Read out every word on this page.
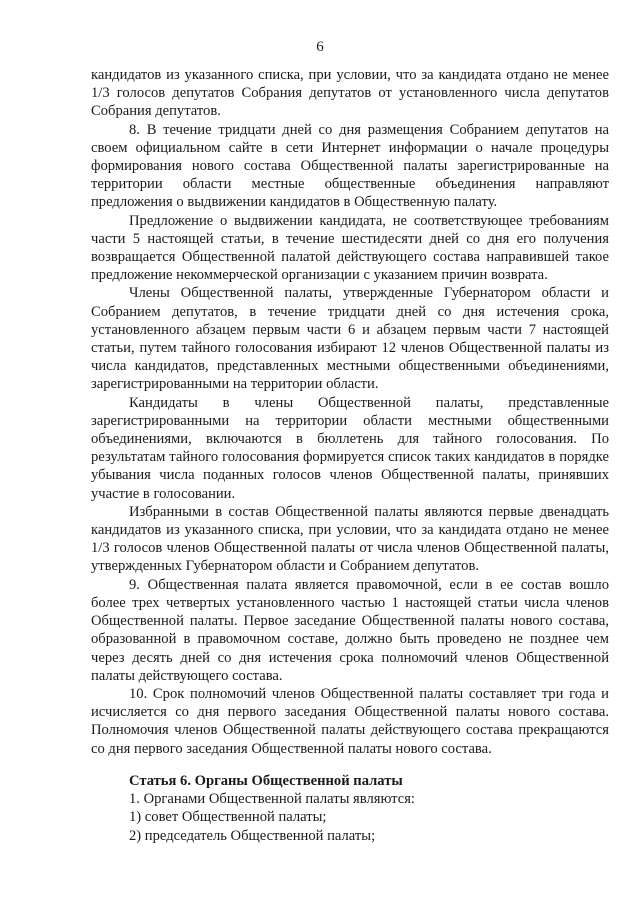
6

кандидатов из указанного списка, при условии, что за кандидата отдано не менее 1/3 голосов депутатов Собрания депутатов от установленного числа депутатов Собрания депутатов.

8. В течение тридцати дней со дня размещения Собранием депутатов на своем официальном сайте в сети Интернет информации о начале процедуры формирования нового состава Общественной палаты зарегистрированные на территории области местные общественные объединения направляют предложения о выдвижении кандидатов в Общественную палату.

Предложение о выдвижении кандидата, не соответствующее требованиям части 5 настоящей статьи, в течение шестидесяти дней со дня его получения возвращается Общественной палатой действующего состава направившей такое предложение некоммерческой организации с указанием причин возврата.

Члены Общественной палаты, утвержденные Губернатором области и Собранием депутатов, в течение тридцати дней со дня истечения срока, установленного абзацем первым части 6 и абзацем первым части 7 настоящей статьи, путем тайного голосования избирают 12 членов Общественной палаты из числа кандидатов, представленных местными общественными объединениями, зарегистрированными на территории области.

Кандидаты в члены Общественной палаты, представленные зарегистрированными на территории области местными общественными объединениями, включаются в бюллетень для тайного голосования. По результатам тайного голосования формируется список таких кандидатов в порядке убывания числа поданных голосов членов Общественной палаты, принявших участие в голосовании.

Избранными в состав Общественной палаты являются первые двенадцать кандидатов из указанного списка, при условии, что за кандидата отдано не менее 1/3 голосов членов Общественной палаты от числа членов Общественной палаты, утвержденных Губернатором области и Собранием депутатов.

9. Общественная палата является правомочной, если в ее состав вошло более трех четвертых установленного частью 1 настоящей статьи числа членов Общественной палаты. Первое заседание Общественной палаты нового состава, образованной в правомочном составе, должно быть проведено не позднее чем через десять дней со дня истечения срока полномочий членов Общественной палаты действующего состава.

10. Срок полномочий членов Общественной палаты составляет три года и исчисляется со дня первого заседания Общественной палаты нового состава. Полномочия членов Общественной палаты действующего состава прекращаются со дня первого заседания Общественной палаты нового состава.

Статья 6. Органы Общественной палаты

1. Органами Общественной палаты являются:

1) совет Общественной палаты;

2) председатель Общественной палаты;
